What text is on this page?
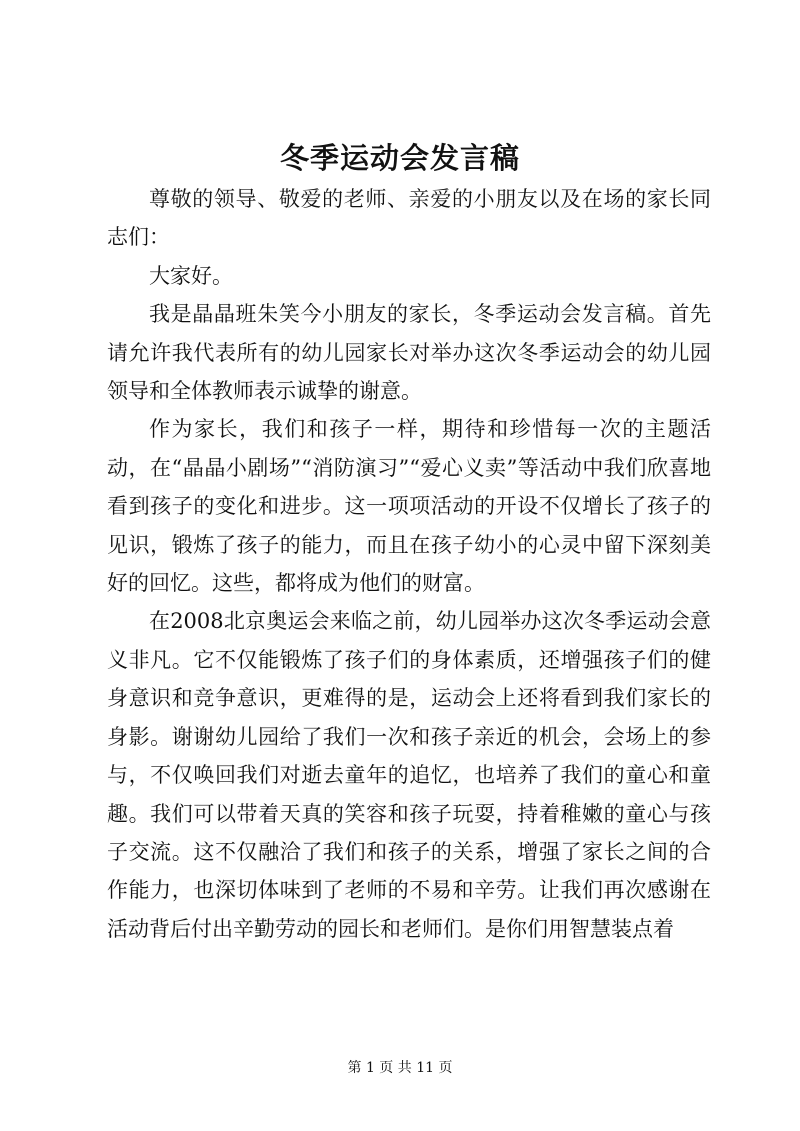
冬季运动会发言稿

尊敬的领导、敬爱的老师、亲爱的小朋友以及在场的家长同志们：

大家好。

我是晶晶班朱笑今小朋友的家长，冬季运动会发言稿。首先请允许我代表所有的幼儿园家长对举办这次冬季运动会的幼儿园领导和全体教师表示诚挚的谢意。

作为家长，我们和孩子一样，期待和珍惜每一次的主题活动，在“晶晶小剧场”“消防演习”“爱心义卖”等活动中我们欣喜地看到孩子的变化和进步。这一项项活动的开设不仅增长了孩子的见识，锻炼了孩子的能力，而且在孩子幼小的心灵中留下深刻美好的回忆。这些，都将成为他们的财富。

在2008北京奥运会来临之前，幼儿园举办这次冬季运动会意义非凡。它不仅能锻炼了孩子们的身体素质，还增强孩子们的健身意识和竞争意识，更难得的是，运动会上还将看到我们家长的身影。谢谢幼儿园给了我们一次和孩子亲近的机会，会场上的参与，不仅唤回我们对逝去童年的追忆，也培养了我们的童心和童趣。我们可以带着天真的笑容和孩子玩耍，持着稚嫩的童心与孩子交流。这不仅融洽了我们和孩子的关系，增强了家长之间的合作能力，也深切体味到了老师的不易和辛劳。让我们再次感谢在活动背后付出辛勤劳动的园长和老师们。是你们用智慧装点着

第 1 页 共 11 页
